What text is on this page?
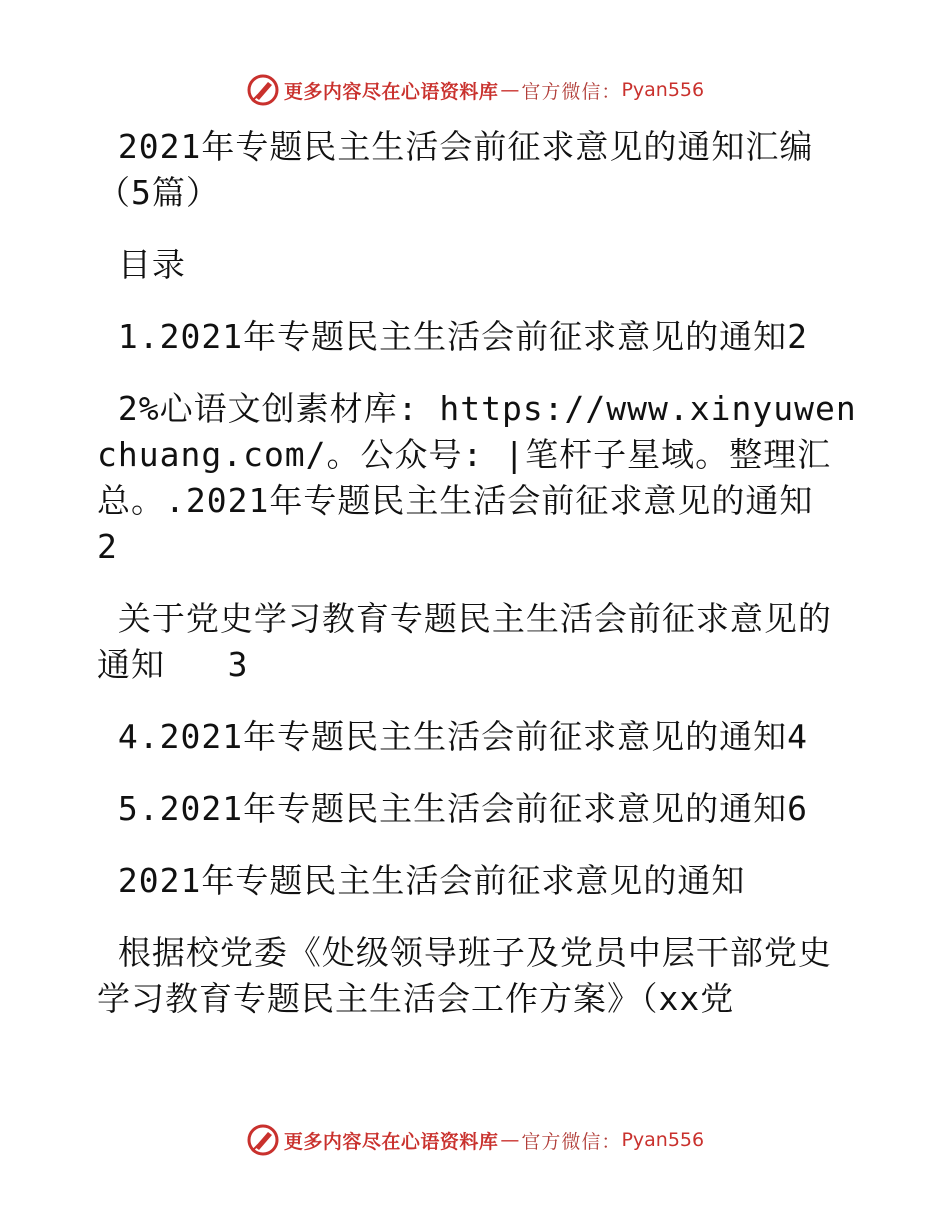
更多内容尽在心语资料库 — 官方微信： Pyan556

2021年专题民主生活会前征求意见的通知汇编（5篇）

目录

1.2021年专题民主生活会前征求意见的通知2

2%心语文创素材库: https://www.xinyuwenchuang.com/。公众号: |笔杆子星域。整理汇总。.2021年专题民主生活会前征求意见的通知  2

关于党史学习教育专题民主生活会前征求意见的通知   3

4.2021年专题民主生活会前征求意见的通知4

5.2021年专题民主生活会前征求意见的通知6

2021年专题民主生活会前征求意见的通知

根据校党委《处级领导班子及党员中层干部党史学习教育专题民主生活会工作方案》（xx党

更多内容尽在心语资料库 — 官方微信： Pyan556
